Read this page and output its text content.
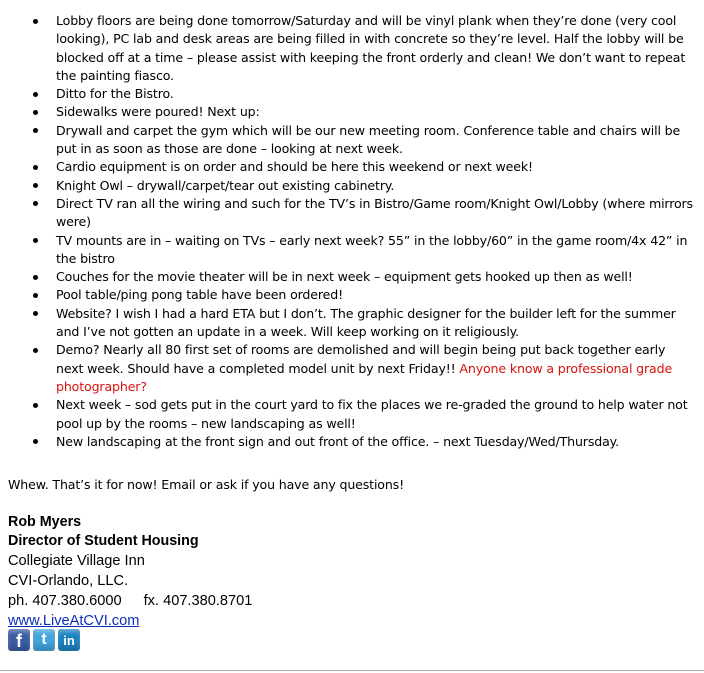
Lobby floors are being done tomorrow/Saturday and will be vinyl plank when they’re done (very cool looking), PC lab and desk areas are being filled in with concrete so they’re level. Half the lobby will be blocked off at a time – please assist with keeping the front orderly and clean! We don’t want to repeat the painting fiasco.
Ditto for the Bistro.
Sidewalks were poured! Next up:
Drywall and carpet the gym which will be our new meeting room. Conference table and chairs will be put in as soon as those are done – looking at next week.
Cardio equipment is on order and should be here this weekend or next week!
Knight Owl – drywall/carpet/tear out existing cabinetry.
Direct TV ran all the wiring and such for the TV’s in Bistro/Game room/Knight Owl/Lobby (where mirrors were)
TV mounts are in – waiting on TVs – early next week? 55” in the lobby/60” in the game room/4x 42” in the bistro
Couches for the movie theater will be in next week – equipment gets hooked up then as well!
Pool table/ping pong table have been ordered!
Website? I wish I had a hard ETA but I don’t. The graphic designer for the builder left for the summer and I’ve not gotten an update in a week. Will keep working on it religiously.
Demo? Nearly all 80 first set of rooms are demolished and will begin being put back together early next week. Should have a completed model unit by next Friday!! Anyone know a professional grade photographer?
Next week – sod gets put in the court yard to fix the places we re-graded the ground to help water not pool up by the rooms – new landscaping as well!
New landscaping at the front sign and out front of the office. – next Tuesday/Wed/Thursday.
Whew. That’s it for now! Email or ask if you have any questions!
Rob Myers
Director of Student Housing
Collegiate Village Inn
CVI-Orlando, LLC.
ph. 407.380.6000 fx. 407.380.8701
www.LiveAtCVI.com
f	t	in
